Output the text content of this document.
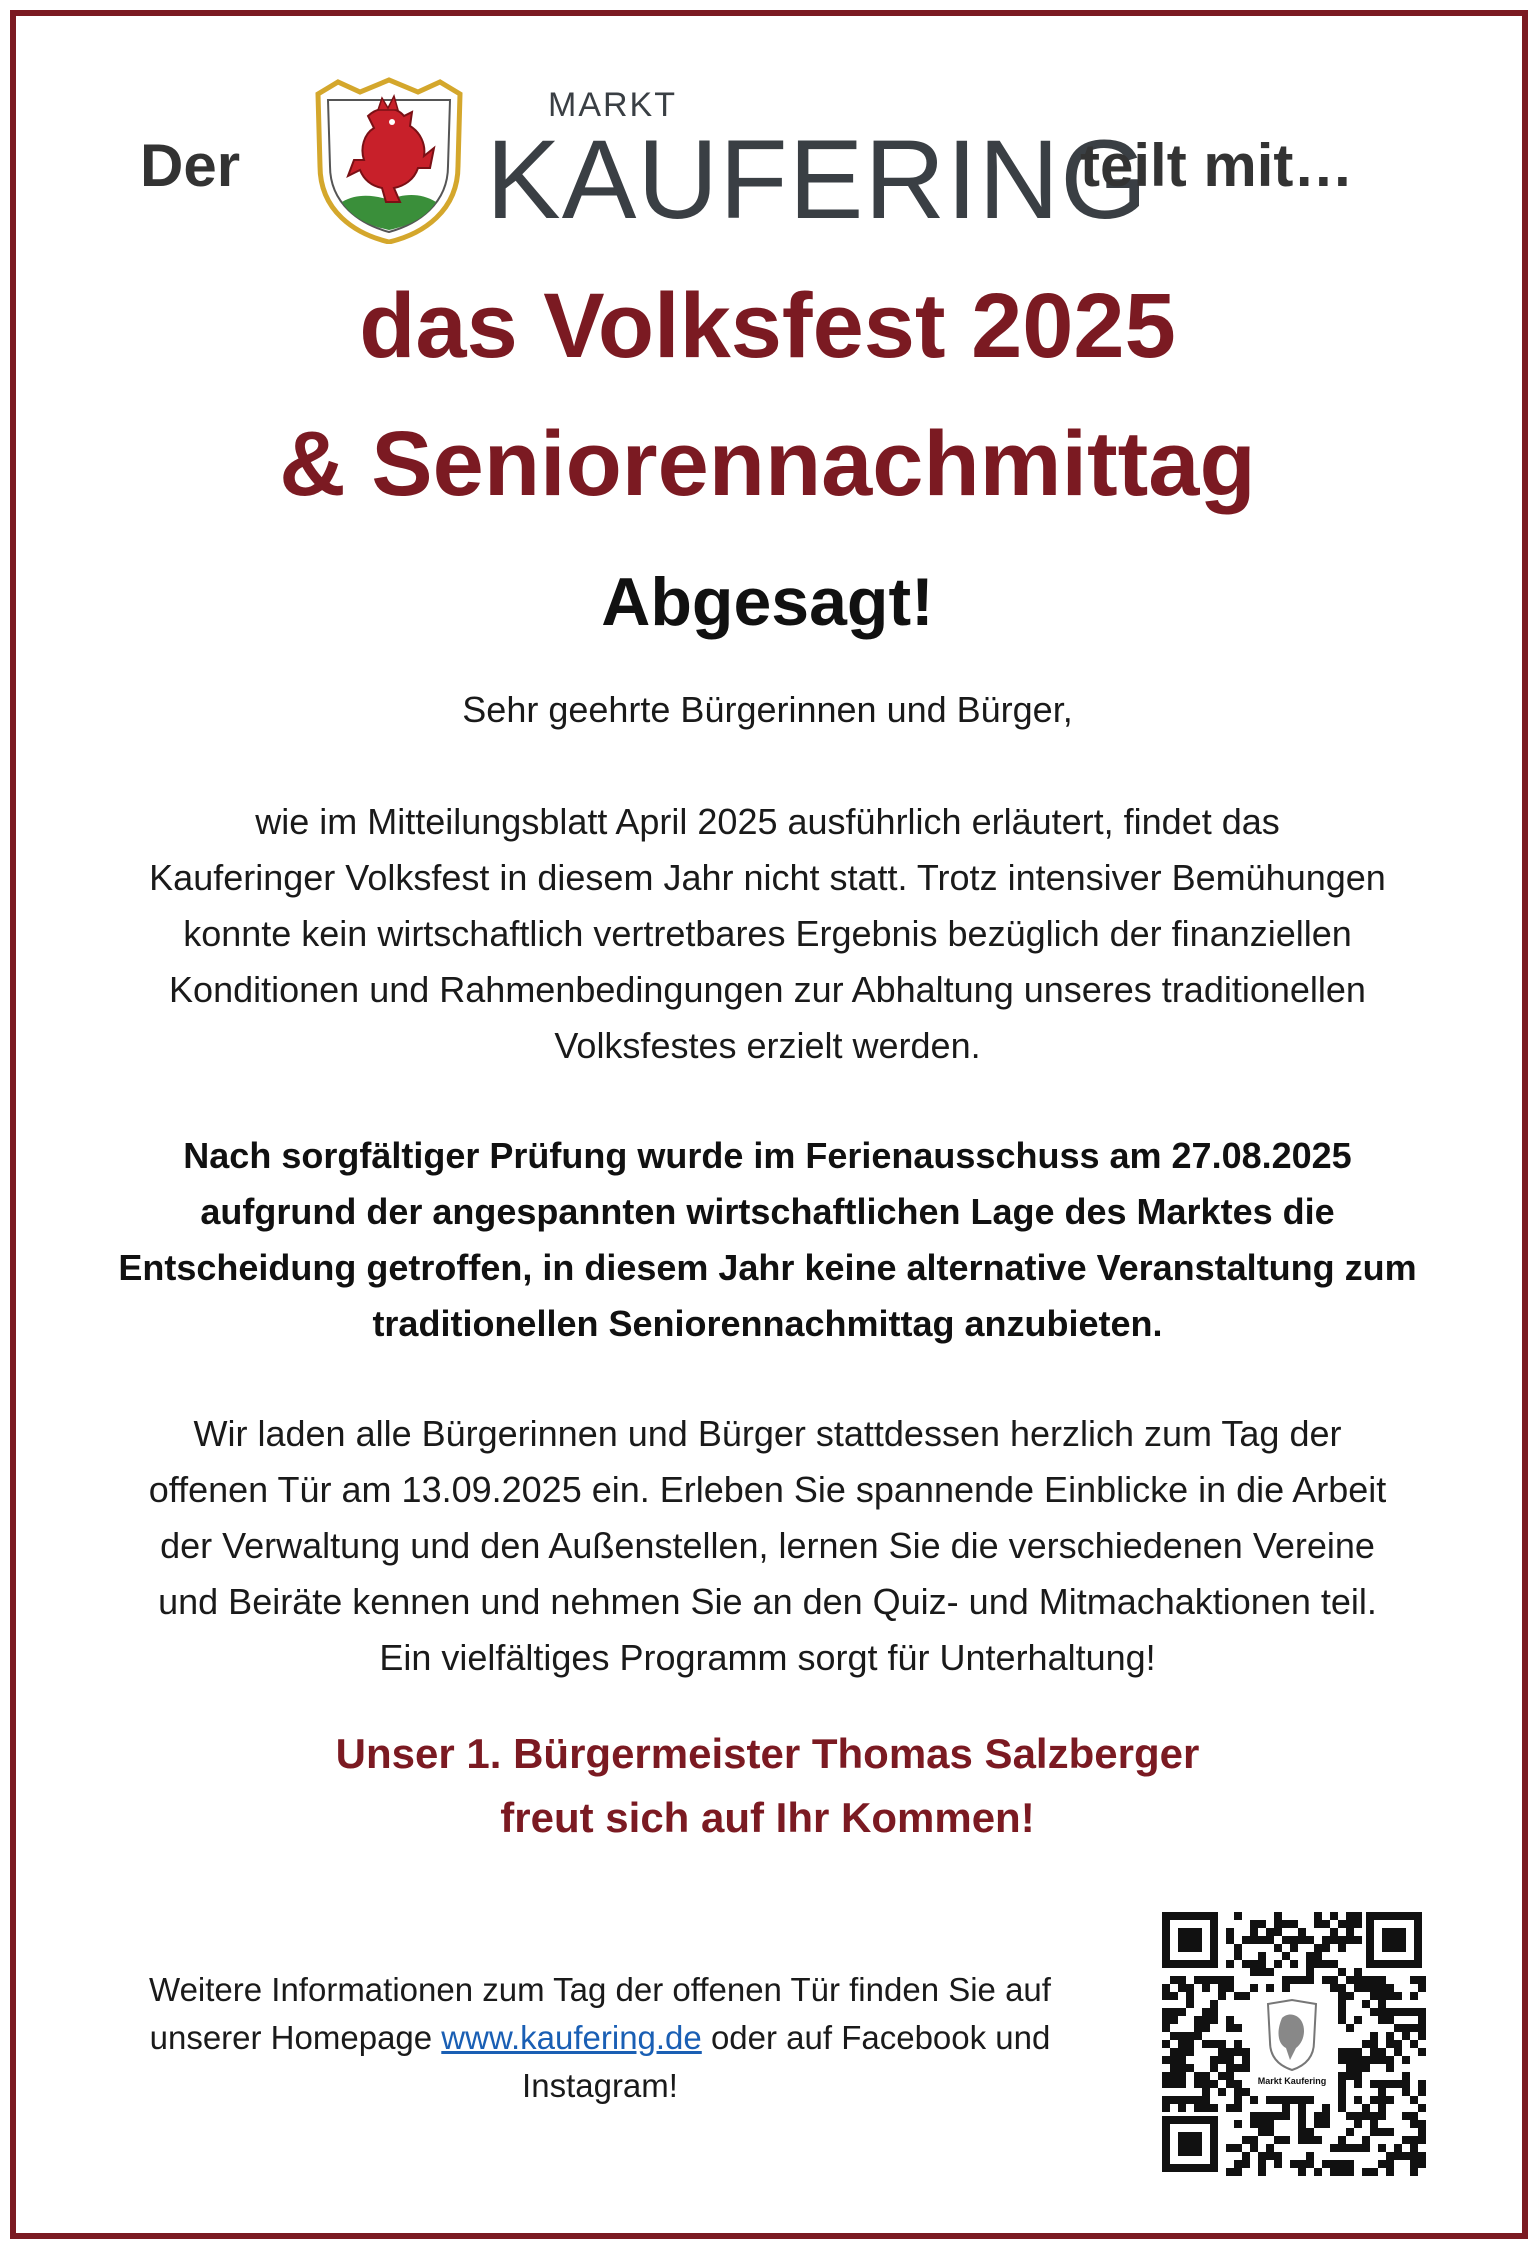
Der
MARKT
KAUFERING
teilt mit…
das Volksfest 2025
& Seniorennachmittag
Abgesagt!
Sehr geehrte Bürgerinnen und Bürger,
wie im Mitteilungsblatt April 2025 ausführlich erläutert, findet das
Kauferinger Volksfest in diesem Jahr nicht statt. Trotz intensiver Bemühungen
konnte kein wirtschaftlich vertretbares Ergebnis bezüglich der finanziellen
Konditionen und Rahmenbedingungen zur Abhaltung unseres traditionellen
Volksfestes erzielt werden.
Nach sorgfältiger Prüfung wurde im Ferienausschuss am 27.08.2025
aufgrund der angespannten wirtschaftlichen Lage des Marktes die
Entscheidung getroffen, in diesem Jahr keine alternative Veranstaltung zum
traditionellen Seniorennachmittag anzubieten.
Wir laden alle Bürgerinnen und Bürger stattdessen herzlich zum Tag der
offenen Tür am 13.09.2025 ein. Erleben Sie spannende Einblicke in die Arbeit
der Verwaltung und den Außenstellen, lernen Sie die verschiedenen Vereine
und Beiräte kennen und nehmen Sie an den Quiz- und Mitmachaktionen teil.
Ein vielfältiges Programm sorgt für Unterhaltung!
Unser 1. Bürgermeister Thomas Salzberger
freut sich auf Ihr Kommen!
Weitere Informationen zum Tag der offenen Tür finden Sie auf
unserer Homepage www.kaufering.de oder auf Facebook und
Instagram!	Markt Kaufering
